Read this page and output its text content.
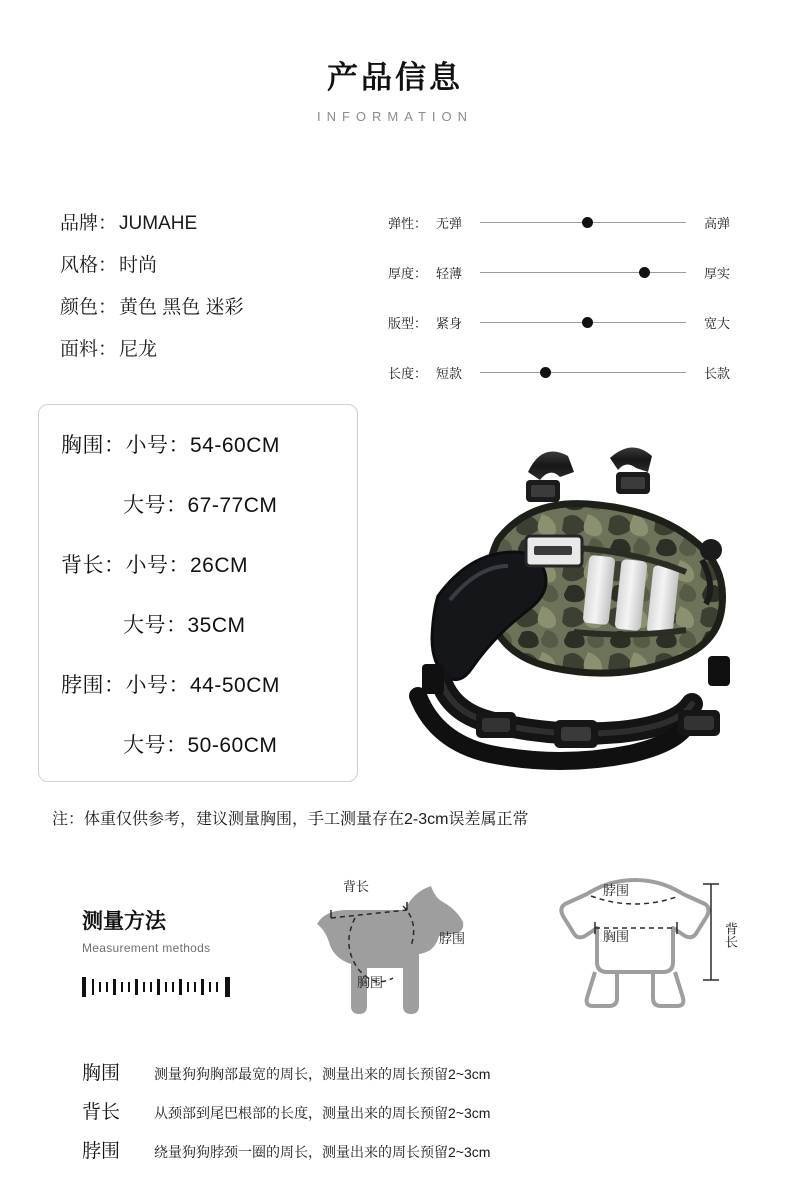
产品信息
INFORMATION
品牌： JUMAHE
风格： 时尚
颜色： 黄色 黑色 迷彩
面料： 尼龙
弹性： 无弹	高弹
厚度： 轻薄	厚实
版型： 紧身	宽大
长度： 短款	长款
胸围：小号：54-60CM
大号：67-77CM
背长：小号：26CM
大号：35CM
脖围：小号：44-50CM
大号：50-60CM
注：体重仅供参考，建议测量胸围，手工测量存在2-3cm误差属正常
测量方法
Measurement methods
背长
脖围
胸围
脖围
胸围	背长
胸围	测量狗狗胸部最宽的周长，测量出来的周长预留2~3cm
背长	从颈部到尾巴根部的长度，测量出来的周长预留2~3cm
脖围	绕量狗狗脖颈一圈的周长，测量出来的周长预留2~3cm
